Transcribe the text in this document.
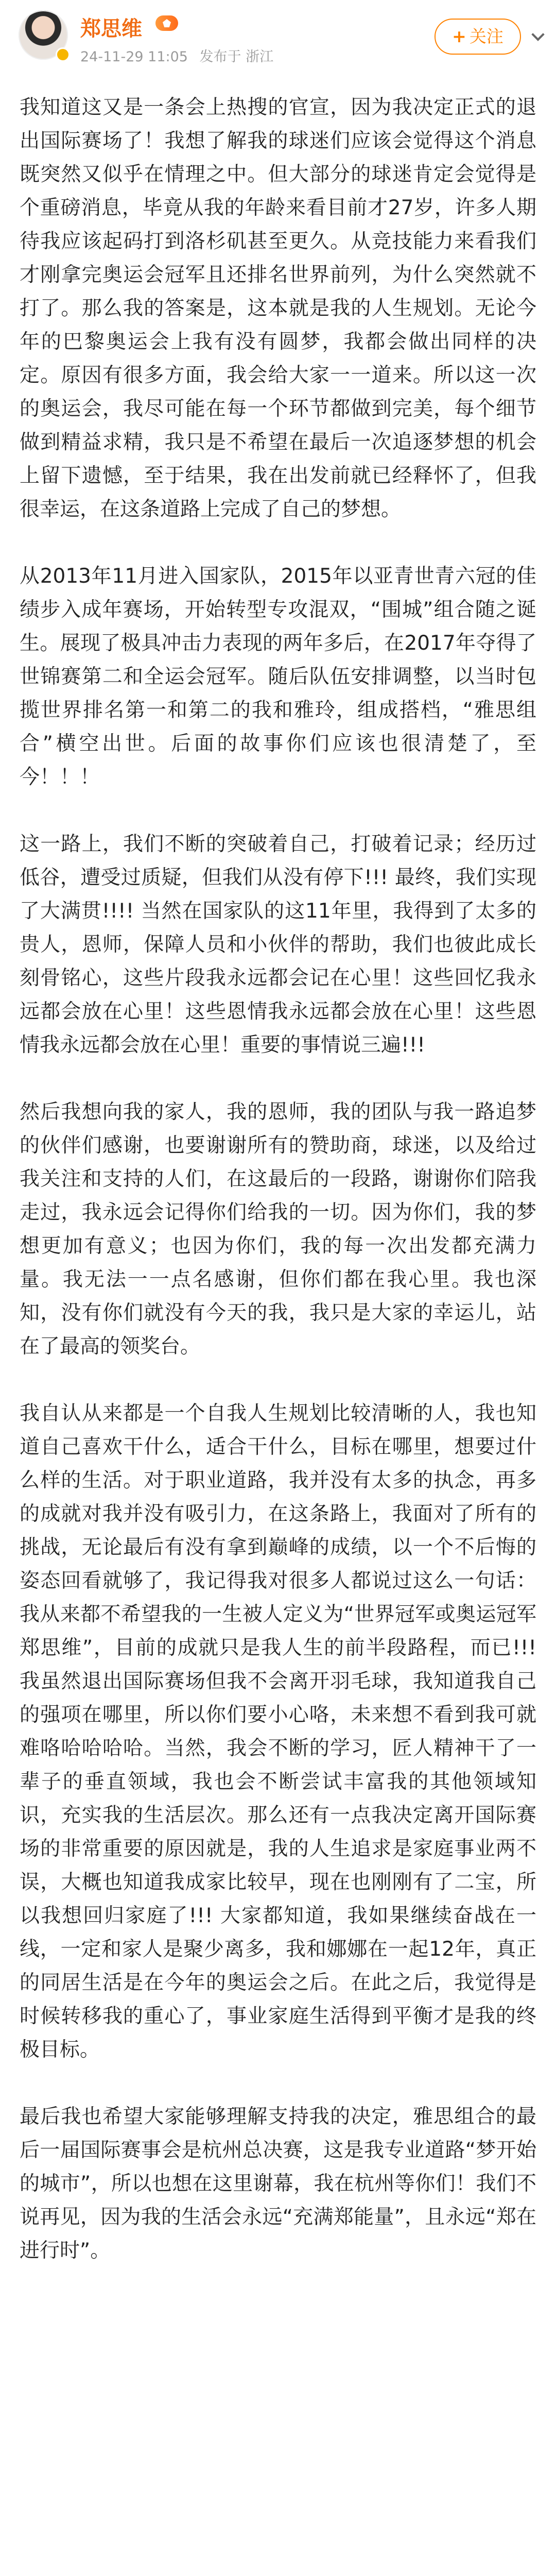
郑思维
24-11-29 11:05 发布于 浙江
+ 关注

我知道这又是一条会上热搜的官宣，因为我决定正式的退出国际赛场了！我想了解我的球迷们应该会觉得这个消息既突然又似乎在情理之中。但大部分的球迷肯定会觉得是个重磅消息，毕竟从我的年龄来看目前才27岁，许多人期待我应该起码打到洛杉矶甚至更久。从竞技能力来看我们才刚拿完奥运会冠军且还排名世界前列，为什么突然就不打了。那么我的答案是，这本就是我的人生规划。无论今年的巴黎奥运会上我有没有圆梦，我都会做出同样的决定。原因有很多方面，我会给大家一一道来。所以这一次的奥运会，我尽可能在每一个环节都做到完美，每个细节做到精益求精，我只是不希望在最后一次追逐梦想的机会上留下遗憾，至于结果，我在出发前就已经释怀了，但我很幸运，在这条道路上完成了自己的梦想。

从2013年11月进入国家队，2015年以亚青世青六冠的佳绩步入成年赛场，开始转型专攻混双，“围城”组合随之诞生。展现了极具冲击力表现的两年多后，在2017年夺得了世锦赛第二和全运会冠军。随后队伍安排调整，以当时包揽世界排名第一和第二的我和雅玲，组成搭档，“雅思组合”横空出世。后面的故事你们应该也很清楚了，至今！！！

这一路上，我们不断的突破着自己，打破着记录；经历过低谷，遭受过质疑，但我们从没有停下!!! 最终，我们实现了大满贯!!!! 当然在国家队的这11年里，我得到了太多的贵人，恩师，保障人员和小伙伴的帮助，我们也彼此成长刻骨铭心，这些片段我永远都会记在心里！这些回忆我永远都会放在心里！这些恩情我永远都会放在心里！这些恩情我永远都会放在心里！重要的事情说三遍!!!

然后我想向我的家人，我的恩师，我的团队与我一路追梦的伙伴们感谢，也要谢谢所有的赞助商，球迷，以及给过我关注和支持的人们，在这最后的一段路，谢谢你们陪我走过，我永远会记得你们给我的一切。因为你们，我的梦想更加有意义；也因为你们，我的每一次出发都充满力量。我无法一一点名感谢，但你们都在我心里。我也深知，没有你们就没有今天的我，我只是大家的幸运儿，站在了最高的领奖台。

我自认从来都是一个自我人生规划比较清晰的人，我也知道自己喜欢干什么，适合干什么，目标在哪里，想要过什么样的生活。对于职业道路，我并没有太多的执念，再多的成就对我并没有吸引力，在这条路上，我面对了所有的挑战，无论最后有没有拿到巅峰的成绩，以一个不后悔的姿态回看就够了，我记得我对很多人都说过这么一句话：我从来都不希望我的一生被人定义为“世界冠军或奥运冠军郑思维”，目前的成就只是我人生的前半段路程，而已!!! 我虽然退出国际赛场但我不会离开羽毛球，我知道我自己的强项在哪里，所以你们要小心咯，未来想不看到我可就难咯哈哈哈哈。当然，我会不断的学习，匠人精神干了一辈子的垂直领域，我也会不断尝试丰富我的其他领域知识，充实我的生活层次。那么还有一点我决定离开国际赛场的非常重要的原因就是，我的人生追求是家庭事业两不误，大概也知道我成家比较早，现在也刚刚有了二宝，所以我想回归家庭了!!! 大家都知道，我如果继续奋战在一线，一定和家人是聚少离多，我和娜娜在一起12年，真正的同居生活是在今年的奥运会之后。在此之后，我觉得是时候转移我的重心了，事业家庭生活得到平衡才是我的终极目标。

最后我也希望大家能够理解支持我的决定，雅思组合的最后一届国际赛事会是杭州总决赛，这是我专业道路“梦开始的城市”，所以也想在这里谢幕，我在杭州等你们！我们不说再见，因为我的生活会永远“充满郑能量”，且永远“郑在进行时”。
